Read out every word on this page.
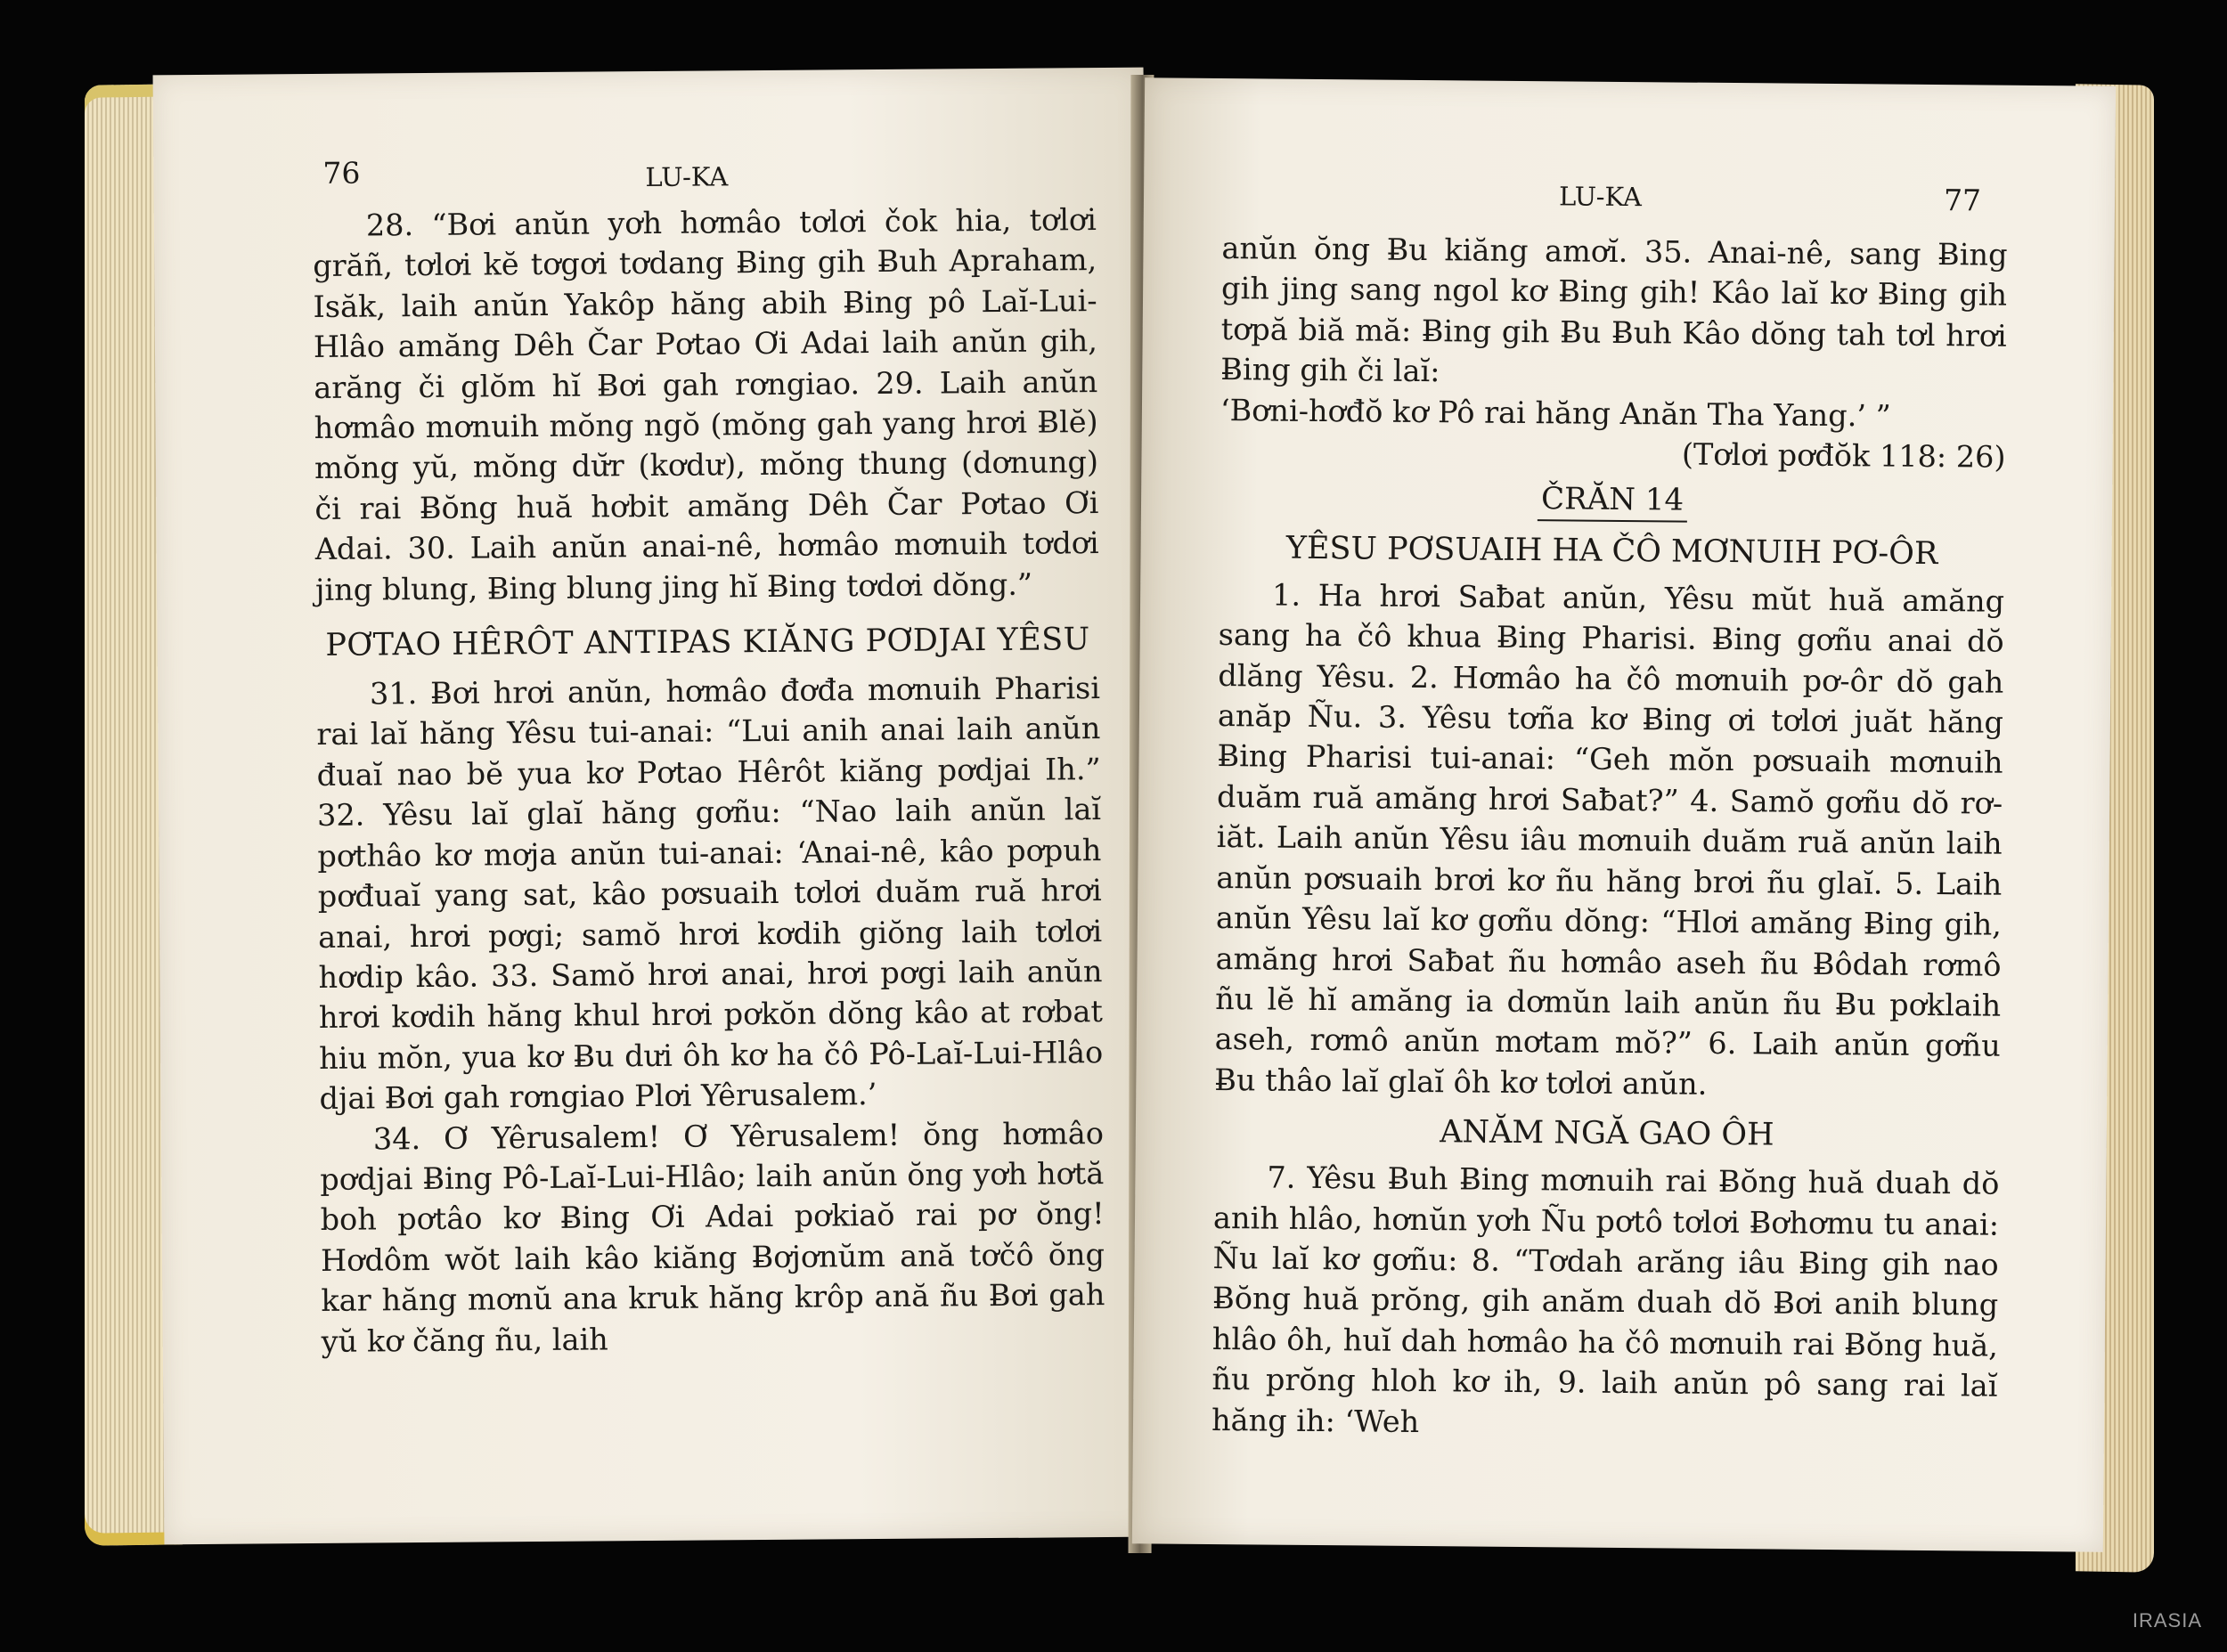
76	LU-KA

28. “Bơi anŭn yơh hơmâo tơlơi čok hia, tơlơi grăñ, tơlơi kĕ tơgơi tơdang Ƀing gih Ƀuh Apraham, Isăk, laih anŭn Yakôp hăng abih Ƀing pô Laĭ-Lui-Hlâo amăng Dêh Čar Pơtao Ơi Adai laih anŭn gih, arăng či glŏm hĭ Ƀơi gah rơngiao. 29. Laih anŭn hơmâo mơnuih mŏng ngŏ (mŏng gah yang hrơi Ƀlĕ) mŏng yŭ, mŏng dư̆r (kơdư), mŏng thung (dơnung) či rai Ƀŏng huă hơbit amăng Dêh Čar Pơtao Ơi Adai. 30. Laih anŭn anai-nê, hơmâo mơnuih tơdơi jing blung, Ƀing blung jing hĭ Ƀing tơdơi dŏng.”

PƠTAO HÊRÔT ANTIPAS KIĂNG PƠDJAI YÊSU

31. Ƀơi hrơi anŭn, hơmâo đơđa mơnuih Pharisi rai laĭ hăng Yêsu tui-anai: “Lui anih anai laih anŭn đuaĭ nao bĕ yua kơ Pơtao Hêrôt kiăng pơdjai Ih.” 32. Yêsu laĭ glaĭ hăng gơñu: “Nao laih anŭn laĭ pơthâo kơ mơja anŭn tui-anai: ‘Anai-nê, kâo pơpuh pơđuaĭ yang sat, kâo pơsuaih tơlơi duăm ruă hrơi anai, hrơi pơgi; samŏ hrơi kơdih giŏng laih tơlơi hơdip kâo. 33. Samŏ hrơi anai, hrơi pơgi laih anŭn hrơi kơdih hăng khul hrơi pơkŏn dŏng kâo at rơbat hiu mŏn, yua kơ Ƀu dưi ôh kơ ha čô Pô-Laĭ-Lui-Hlâo djai Ƀơi gah rơngiao Plơi Yêrusalem.’

34. Ơ Yêrusalem! Ơ Yêrusalem! ŏng hơmâo pơdjai Ƀing Pô-Laĭ-Lui-Hlâo; laih anŭn ŏng yơh hơtă boh pơtâo kơ Ƀing Ơi Adai pơkiaŏ rai pơ ŏng! Hơdôm wŏt laih kâo kiăng Ƀơjơnŭm ană tơčô ŏng kar hăng mơnŭ ana kruk hăng krôp ană ñu Ƀơi gah yŭ kơ čăng ñu, laih

LU-KA	77

anŭn ŏng Ƀu kiăng amơĭ. 35. Anai-nê, sang Ƀing gih jing sang ngol kơ Ƀing gih! Kâo laĭ kơ Ƀing gih tơpă biă mă: Ƀing gih Ƀu Ƀuh Kâo dŏng tah tơl hrơi Ƀing gih či laĭ:

‘Bơni-hơđŏ kơ Pô rai hăng Anăn Tha Yang.’ ”

(Tơlơi pơđŏk 118: 26)

ČRĂN 14
YÊSU PƠSUAIH HA ČÔ MƠNUIH PƠ-ÔR

1. Ha hrơi Saƀat anŭn, Yêsu mŭt huă amăng sang ha čô khua Ƀing Pharisi. Ƀing gơñu anai dŏ dlăng Yêsu. 2. Hơmâo ha čô mơnuih pơ-ôr dŏ gah anăp Ñu. 3. Yêsu tơña kơ Ƀing ơi tơlơi juăt hăng Ƀing Pharisi tui-anai: “Geh mŏn pơsuaih mơnuih duăm ruă amăng hrơi Saƀat?” 4. Samŏ gơñu dŏ rơ-iăt. Laih anŭn Yêsu iâu mơnuih duăm ruă anŭn laih anŭn pơsuaih brơi kơ ñu hăng brơi ñu glaĭ. 5. Laih anŭn Yêsu laĭ kơ gơñu dŏng: “Hlơi amăng Ƀing gih, amăng hrơi Saƀat ñu hơmâo aseh ñu Ƀôdah rơmô ñu lĕ hĭ amăng ia dơmŭn laih anŭn ñu Ƀu pơklaih aseh, rơmô anŭn mơtam mŏ?” 6. Laih anŭn gơñu Ƀu thâo laĭ glaĭ ôh kơ tơlơi anŭn.

ANĂM NGĂ GAO ÔH

7. Yêsu Ƀuh Ƀing mơnuih rai Ƀŏng huă duah dŏ anih hlâo, hơnŭn yơh Ñu pơtô tơlơi Ƀơhơmu tu anai: Ñu laĭ kơ gơñu: 8. “Tơdah arăng iâu Ƀing gih nao Ƀŏng huă prŏng, gih anăm duah dŏ Ƀơi anih blung hlâo ôh, huĭ dah hơmâo ha čô mơnuih rai Ƀŏng huă, ñu prŏng hloh kơ ih, 9. laih anŭn pô sang rai laĭ hăng ih: ‘Weh

IRASIA
